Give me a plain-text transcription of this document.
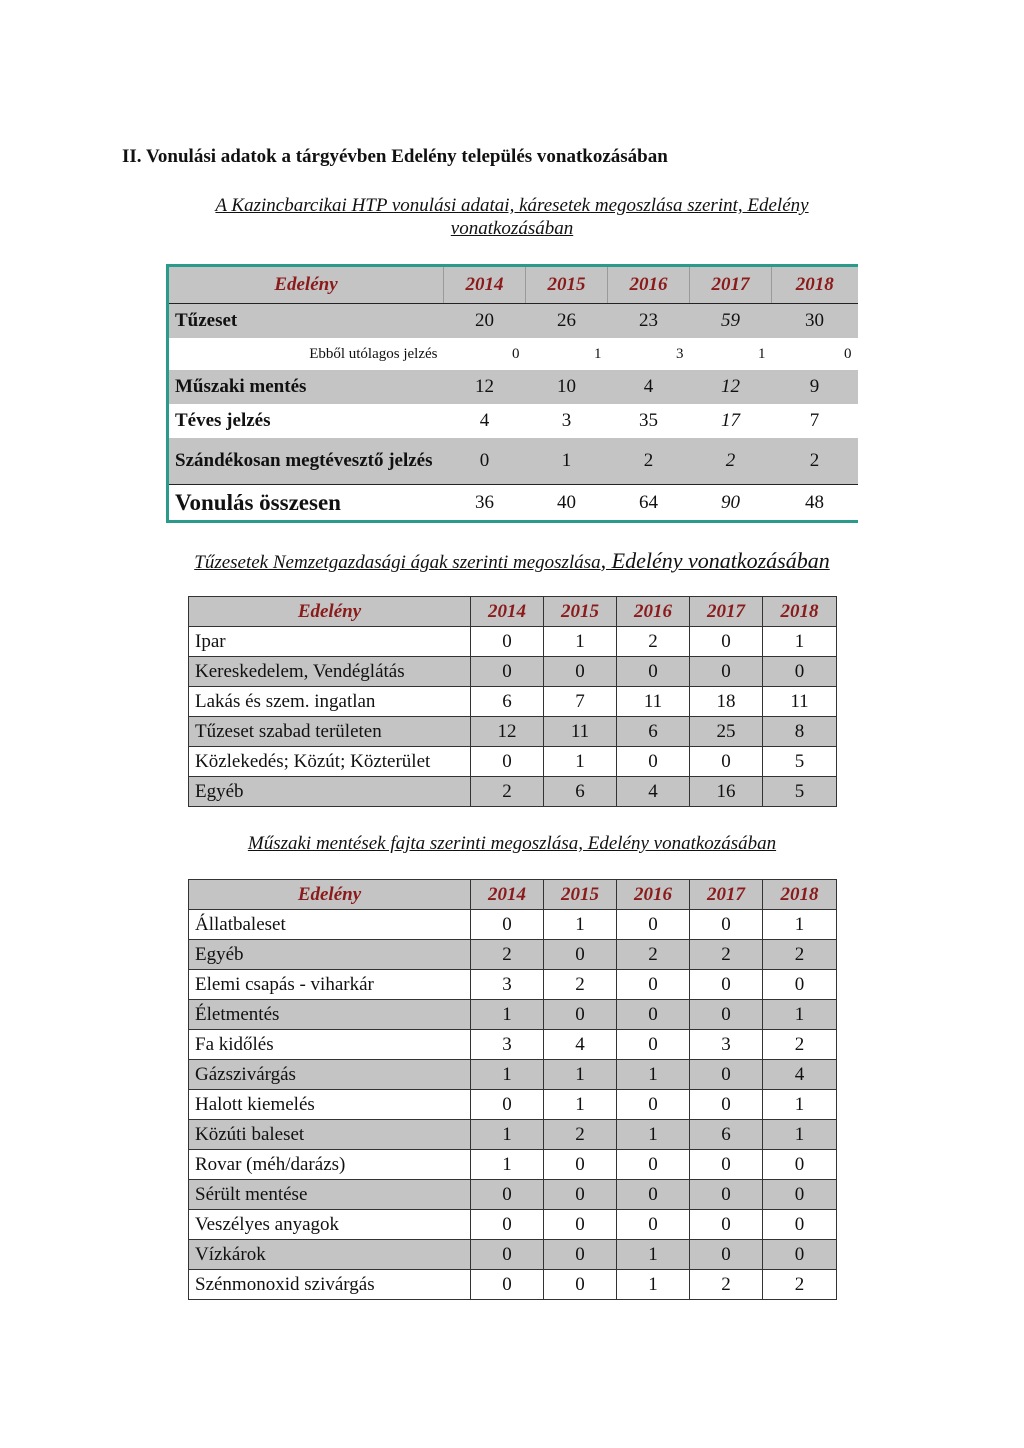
II. Vonulási adatok a tárgyévben Edelény település vonatkozásában

A Kazincbarcikai HTP vonulási adatai, káresetek megoszlása szerint, Edelény vonatkozásában

Edelény	2014	2015	2016	2017	2018
Tűzeset	20	26	23	59	30
Ebből utólagos jelzés	0	1	3	1	0
Műszaki mentés	12	10	4	12	9
Téves jelzés	4	3	35	17	7
Szándékosan megtévesztő jelzés	0	1	2	2	2
Vonulás összesen	36	40	64	90	48

Tűzesetek Nemzetgazdasági ágak szerinti megoszlása, Edelény vonatkozásában

Edelény	2014	2015	2016	2017	2018
Ipar	0	1	2	0	1
Kereskedelem, Vendéglátás	0	0	0	0	0
Lakás és szem. ingatlan	6	7	11	18	11
Tűzeset szabad területen	12	11	6	25	8
Közlekedés; Közút; Közterület	0	1	0	0	5
Egyéb	2	6	4	16	5

Műszaki mentések fajta szerinti megoszlása, Edelény vonatkozásában

Edelény	2014	2015	2016	2017	2018
Állatbaleset	0	1	0	0	1
Egyéb	2	0	2	2	2
Elemi csapás - viharkár	3	2	0	0	0
Életmentés	1	0	0	0	1
Fa kidőlés	3	4	0	3	2
Gázszivárgás	1	1	1	0	4
Halott kiemelés	0	1	0	0	1
Közúti baleset	1	2	1	6	1
Rovar (méh/darázs)	1	0	0	0	0
Sérült mentése	0	0	0	0	0
Veszélyes anyagok	0	0	0	0	0
Vízkárok	0	0	1	0	0
Szénmonoxid szivárgás	0	0	1	2	2
